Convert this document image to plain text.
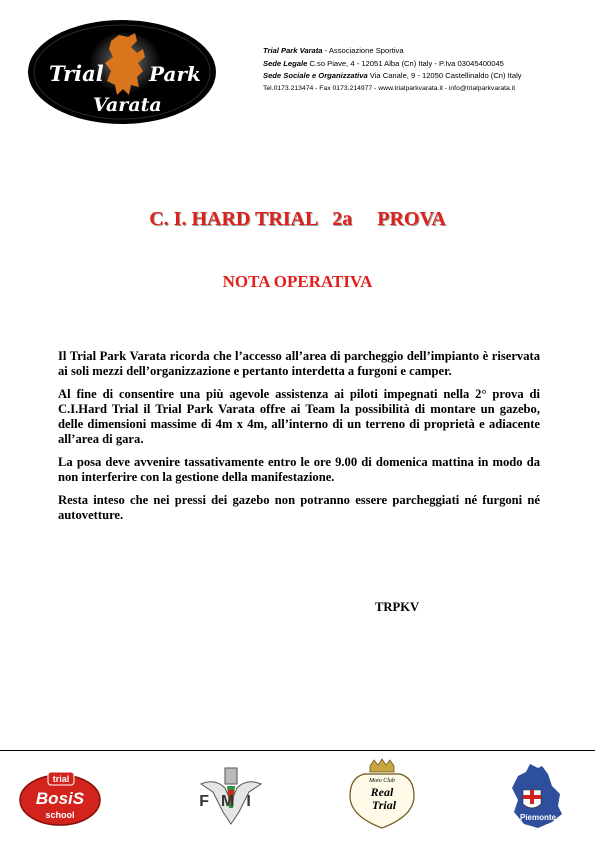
Trial Park
Varata
Trial Park Varata - Associazione Sportiva
Sede Legale C.so Piave, 4 - 12051 Alba (Cn) Italy - P.Iva 03045400045
Sede Sociale e Organizzativa Via Canale, 9 - 12050 Castellinaldo (Cn) Italy
Tel.0173.213474 - Fax 0173.214977 - www.trialparkvarata.it - info@trialparkvarata.it
C. I. HARD TRIAL   2a     PROVA
NOTA OPERATIVA

Il Trial Park Varata ricorda che l’accesso all’area di parcheggio dell’impianto è riservata ai soli mezzi dell’organizzazione e pertanto interdetta a furgoni e camper.

Al fine di consentire una più agevole assistenza ai piloti impegnati nella 2° prova di C.I.Hard Trial il Trial Park Varata offre ai Team la possibilità di montare un gazebo, delle dimensioni massime di 4m x 4m, all’interno di un terreno di proprietà e adiacente all’area di gara.

La posa deve avvenire tassativamente entro le ore 9.00 di domenica mattina in modo da non interferire con la gestione della manifestazione.

Resta inteso che nei pressi dei gazebo non potranno essere parcheggiati né furgoni né autovetture.

TRPKV
trial
BosiS
school
FMI
Moto Club
Real
Trial
Piemonte
